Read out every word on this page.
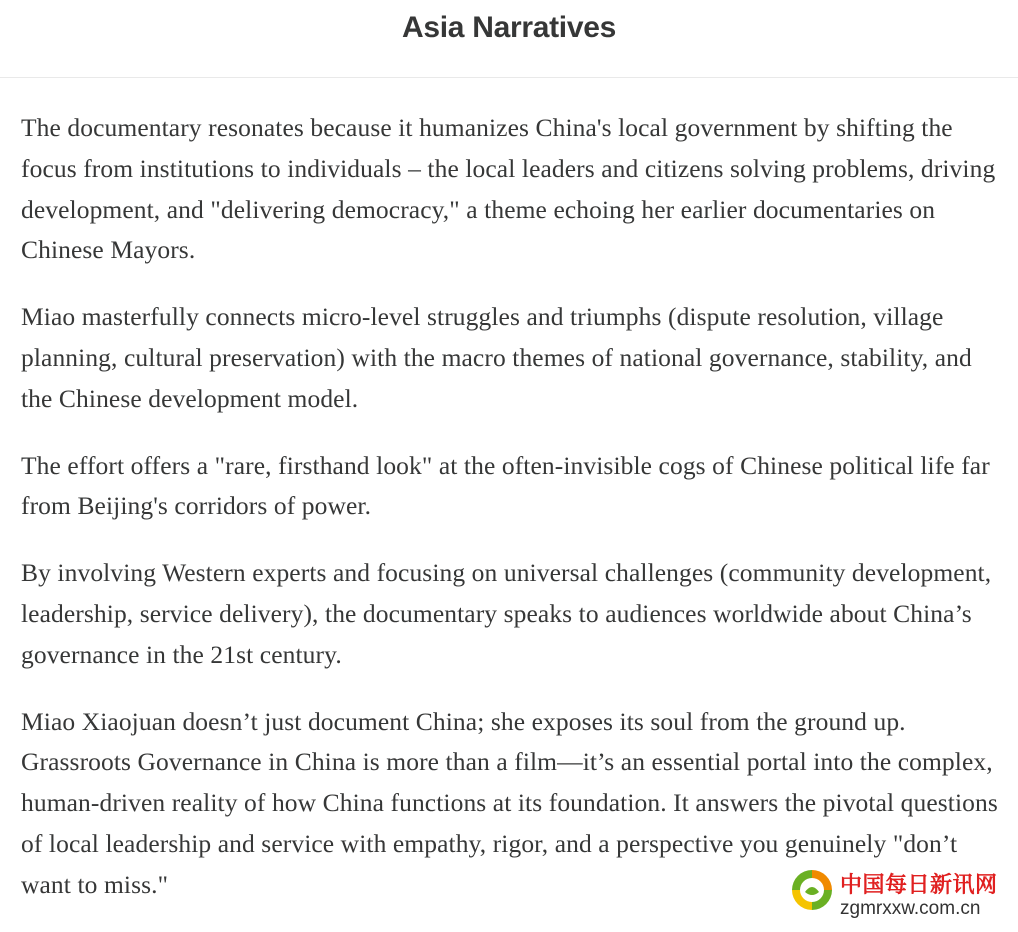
Asia Narratives

The documentary resonates because it humanizes China's local government by shifting the focus from institutions to individuals – the local leaders and citizens solving problems, driving development, and "delivering democracy," a theme echoing her earlier documentaries on Chinese Mayors.

Miao masterfully connects micro-level struggles and triumphs (dispute resolution, village planning, cultural preservation) with the macro themes of national governance, stability, and the Chinese development model.

The effort offers a "rare, firsthand look" at the often-invisible cogs of Chinese political life far from Beijing's corridors of power.

By involving Western experts and focusing on universal challenges (community development, leadership, service delivery), the documentary speaks to audiences worldwide about China’s governance in the 21st century.

Miao Xiaojuan doesn’t just document China; she exposes its soul from the ground up. Grassroots Governance in China is more than a film—it’s an essential portal into the complex, human-driven reality of how China functions at its foundation. It answers the pivotal questions of local leadership and service with empathy, rigor, and a perspective you genuinely "don’t want to miss."	中国每日新讯网
zgmrxxw.com.cn
